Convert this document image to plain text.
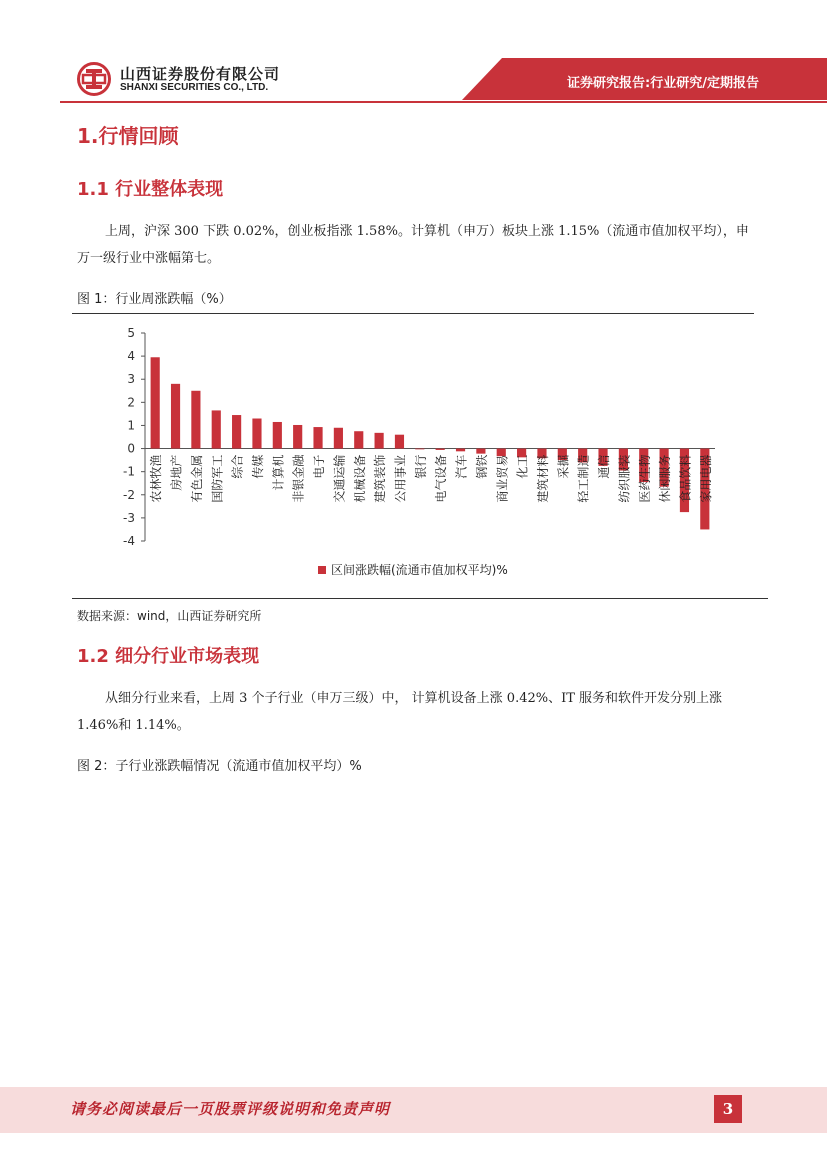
山西证券股份有限公司
SHANXI SECURITIES CO., LTD.	证券研究报告:行业研究/定期报告
1.行情回顾
1.1 行业整体表现

上周，沪深 300 下跌 0.02%，创业板指涨 1.58%。计算机（申万）板块上涨 1.15%（流通市值加权平均），申万一级行业中涨幅第七。

图 1：行业周涨跌幅（%）
5
4
3
2
1
0
-1
-2
-3
-4
农林牧渔 房地产 有色金属 国防军工 综合 传媒 计算机 非银金融 电子 交通运输 机械设备 建筑装饰 公用事业 银行 电气设备 汽车 钢铁 商业贸易 化工 建筑材料 采掘 轻工制造 通信 纺织服装 医药生物 休闲服务 食品饮料 家用电器
区间涨跌幅(流通市值加权平均)%
数据来源：wind，山西证券研究所
1.2 细分行业市场表现

从细分行业来看，上周 3 个子行业（申万三级）中， 计算机设备上涨 0.42%、IT 服务和软件开发分别上涨 1.46%和 1.14%。

图 2：子行业涨跌幅情况（流通市值加权平均）%
请务必阅读最后一页股票评级说明和免责声明	3
